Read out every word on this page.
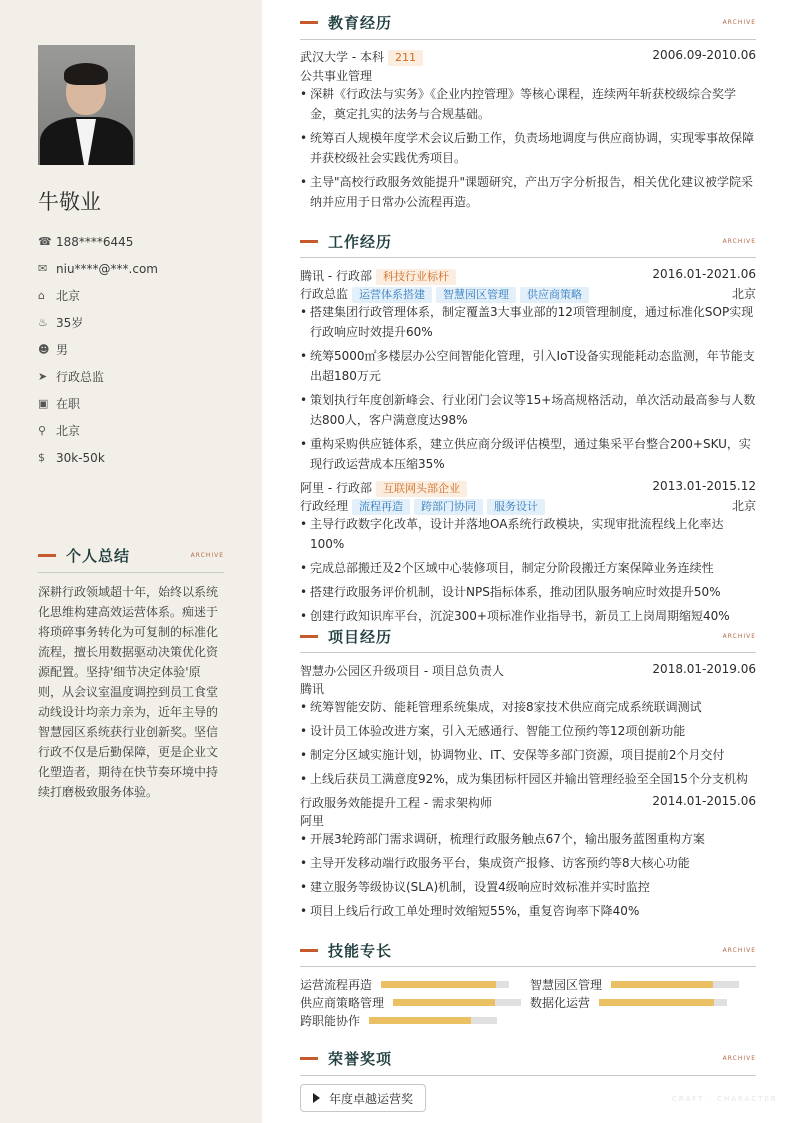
牛敬业
☎ 188****6445
✉ niu****@***.com
⌂ 北京
♨ 35岁
☻ 男
➤ 行政总监
▣ 在职
⚲ 北京
$ 30k-50k
个人总结	ARCHIVE
深耕行政领域超十年，始终以系统
化思维构建高效运营体系。痴迷于
将琐碎事务转化为可复制的标准化
流程，擅长用数据驱动决策优化资
源配置。坚持'细节决定体验'原
则，从会议室温度调控到员工食堂
动线设计均亲力亲为，近年主导的
智慧园区系统获行业创新奖。坚信
行政不仅是后勤保障，更是企业文
化塑造者，期待在快节奏环境中持
续打磨极致服务体验。
教育经历	ARCHIVE
武汉大学 - 本科 211	2006.09-2010.06
公共事业管理
• 深耕《行政法与实务》《企业内控管理》等核心课程，连续两年斩获校级综合奖学
金，奠定扎实的法务与合规基础。
• 统筹百人规模年度学术会议后勤工作，负责场地调度与供应商协调，实现零事故保障
并获校级社会实践优秀项目。
• 主导"高校行政服务效能提升"课题研究，产出万字分析报告，相关优化建议被学院采
纳并应用于日常办公流程再造。
工作经历	ARCHIVE
腾讯 - 行政部 科技行业标杆	2016.01-2021.06
行政总监 运营体系搭建 智慧园区管理 供应商策略	北京
• 搭建集团行政管理体系，制定覆盖3大事业部的12项管理制度，通过标准化SOP实现
行政响应时效提升60%
• 统筹5000㎡多楼层办公空间智能化管理，引入IoT设备实现能耗动态监测，年节能支
出超180万元
• 策划执行年度创新峰会、行业闭门会议等15+场高规格活动，单次活动最高参与人数
达800人，客户满意度达98%
• 重构采购供应链体系，建立供应商分级评估模型，通过集采平台整合200+SKU，实
现行政运营成本压缩35%
阿里 - 行政部 互联网头部企业	2013.01-2015.12
行政经理 流程再造 跨部门协同 服务设计	北京
• 主导行政数字化改革，设计并落地OA系统行政模块，实现审批流程线上化率达100%
• 完成总部搬迁及2个区域中心装修项目，制定分阶段搬迁方案保障业务连续性
• 搭建行政服务评价机制，设计NPS指标体系，推动团队服务响应时效提升50%
• 创建行政知识库平台，沉淀300+项标准作业指导书，新员工上岗周期缩短40%
项目经历	ARCHIVE
智慧办公园区升级项目 - 项目总负责人	2018.01-2019.06
腾讯
• 统筹智能安防、能耗管理系统集成，对接8家技术供应商完成系统联调测试
• 设计员工体验改进方案，引入无感通行、智能工位预约等12项创新功能
• 制定分区域实施计划，协调物业、IT、安保等多部门资源，项目提前2个月交付
• 上线后获员工满意度92%，成为集团标杆园区并输出管理经验至全国15个分支机构
行政服务效能提升工程 - 需求架构师	2014.01-2015.06
阿里
• 开展3轮跨部门需求调研，梳理行政服务触点67个，输出服务蓝图重构方案
• 主导开发移动端行政服务平台，集成资产报修、访客预约等8大核心功能
• 建立服务等级协议(SLA)机制，设置4级响应时效标准并实时监控
• 项目上线后行政工单处理时效缩短55%，重复咨询率下降40%
技能专长	ARCHIVE
运营流程再造	智慧园区管理
供应商策略管理	数据化运营
跨职能协作
荣誉奖项	ARCHIVE
年度卓越运营奖	CRAFT · CHARACTER
